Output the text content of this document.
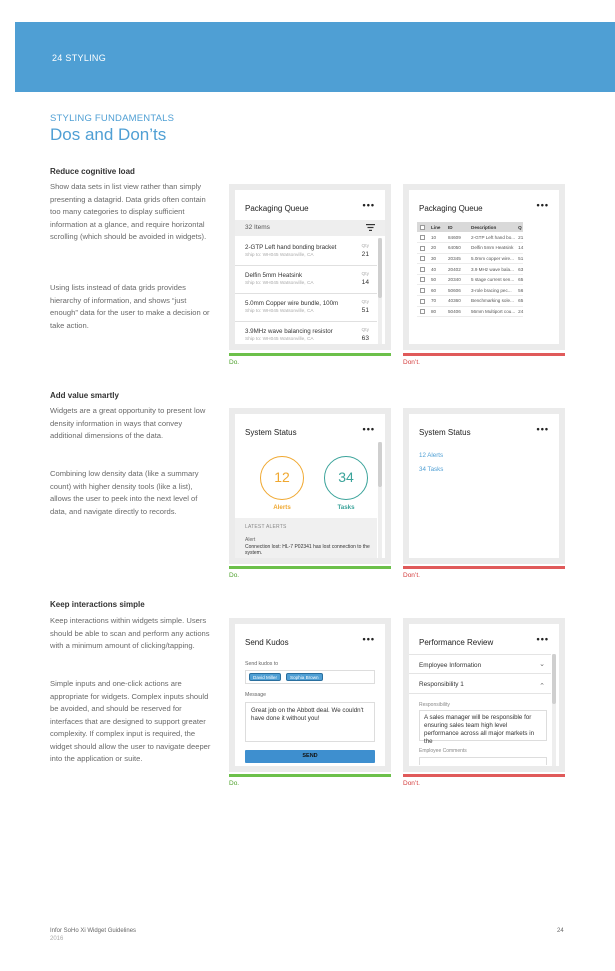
24 STYLING
STYLING FUNDAMENTALS
Dos and Don’ts
Reduce cognitive load

Show data sets in list view rather than simply presenting a datagrid. Data grids often contain too many categories to display sufficient information at a glance, and require horizontal scrolling (which should be avoided in widgets).

Using lists instead of data grids provides hierarchy of information, and shows “just enough” data for the user to make a decision or take action.

Packaging Queue	•••
32 Items
2-GTP Left hand bonding bracket
Ship to: WH045 Watsonville, CA
Qty
21
Delfin 5mm Heatsink
Ship to: WH045 Watsonville, CA
Qty
14
5.0mm Copper wire bundle, 100m
Ship to: WH045 Watsonville, CA
Qty
51
3.9MHz wave balancing resistor
Ship to: WH045 Watsonville, CA
Qty
63
Do.
Packaging Queue	•••
	Line	ID	Description	Q
	10	84609	2-GTP Left hand bo...	21
	20	64050	Delfin 5mm Heatsink	14
	30	20345	5.0mm copper wire...	51
	40	20402	3.9 MHz wave bala...	63
	50	20340	5 stage current sen...	65
	60	50606	3-role bracing pec...	56
	70	40360	Benchmarking sole...	65
	80	50406	56mm Multiport cou...	24
Don’t.
Add value smartly

Widgets are a great opportunity to present low density information in ways that convey additional dimensions of the data.

Combining low density data (like a summary count) with higher density tools (like a list), allows the user to peek into the next level of data, and navigate directly to records.

System Status	•••
12
Alerts
34
Tasks
LATEST ALERTS
Alert
Connection lost: HL-7 P02341 has lost connection to the system.
Do.
System Status	•••
12 Alerts
34 Tasks
Don’t.
Keep interactions simple

Keep interactions within widgets simple. Users should be able to scan and perform any actions with a minimum amount of clicking/tapping.

Simple inputs and one-click actions are appropriate for widgets. Complex inputs should be avoided, and should be reserved for interfaces that are designed to support greater complexity. If complex input is required, the widget should allow the user to navigate deeper into the application or suite.

Send Kudos	•••
Send kudos to
David Miller	Sophia Brown
Message
Great job on the Abbott deal. We couldn't have done it without you!
SEND
Do.
Performance Review	•••
Employee Information	⌄
Responsibility 1	⌃
Responsibility
A sales manager will be responsible for ensuring sales team high level performance across all major markets in the
Employee Comments
Don’t.
Infor SoHo Xi Widget Guidelines
2016
24
